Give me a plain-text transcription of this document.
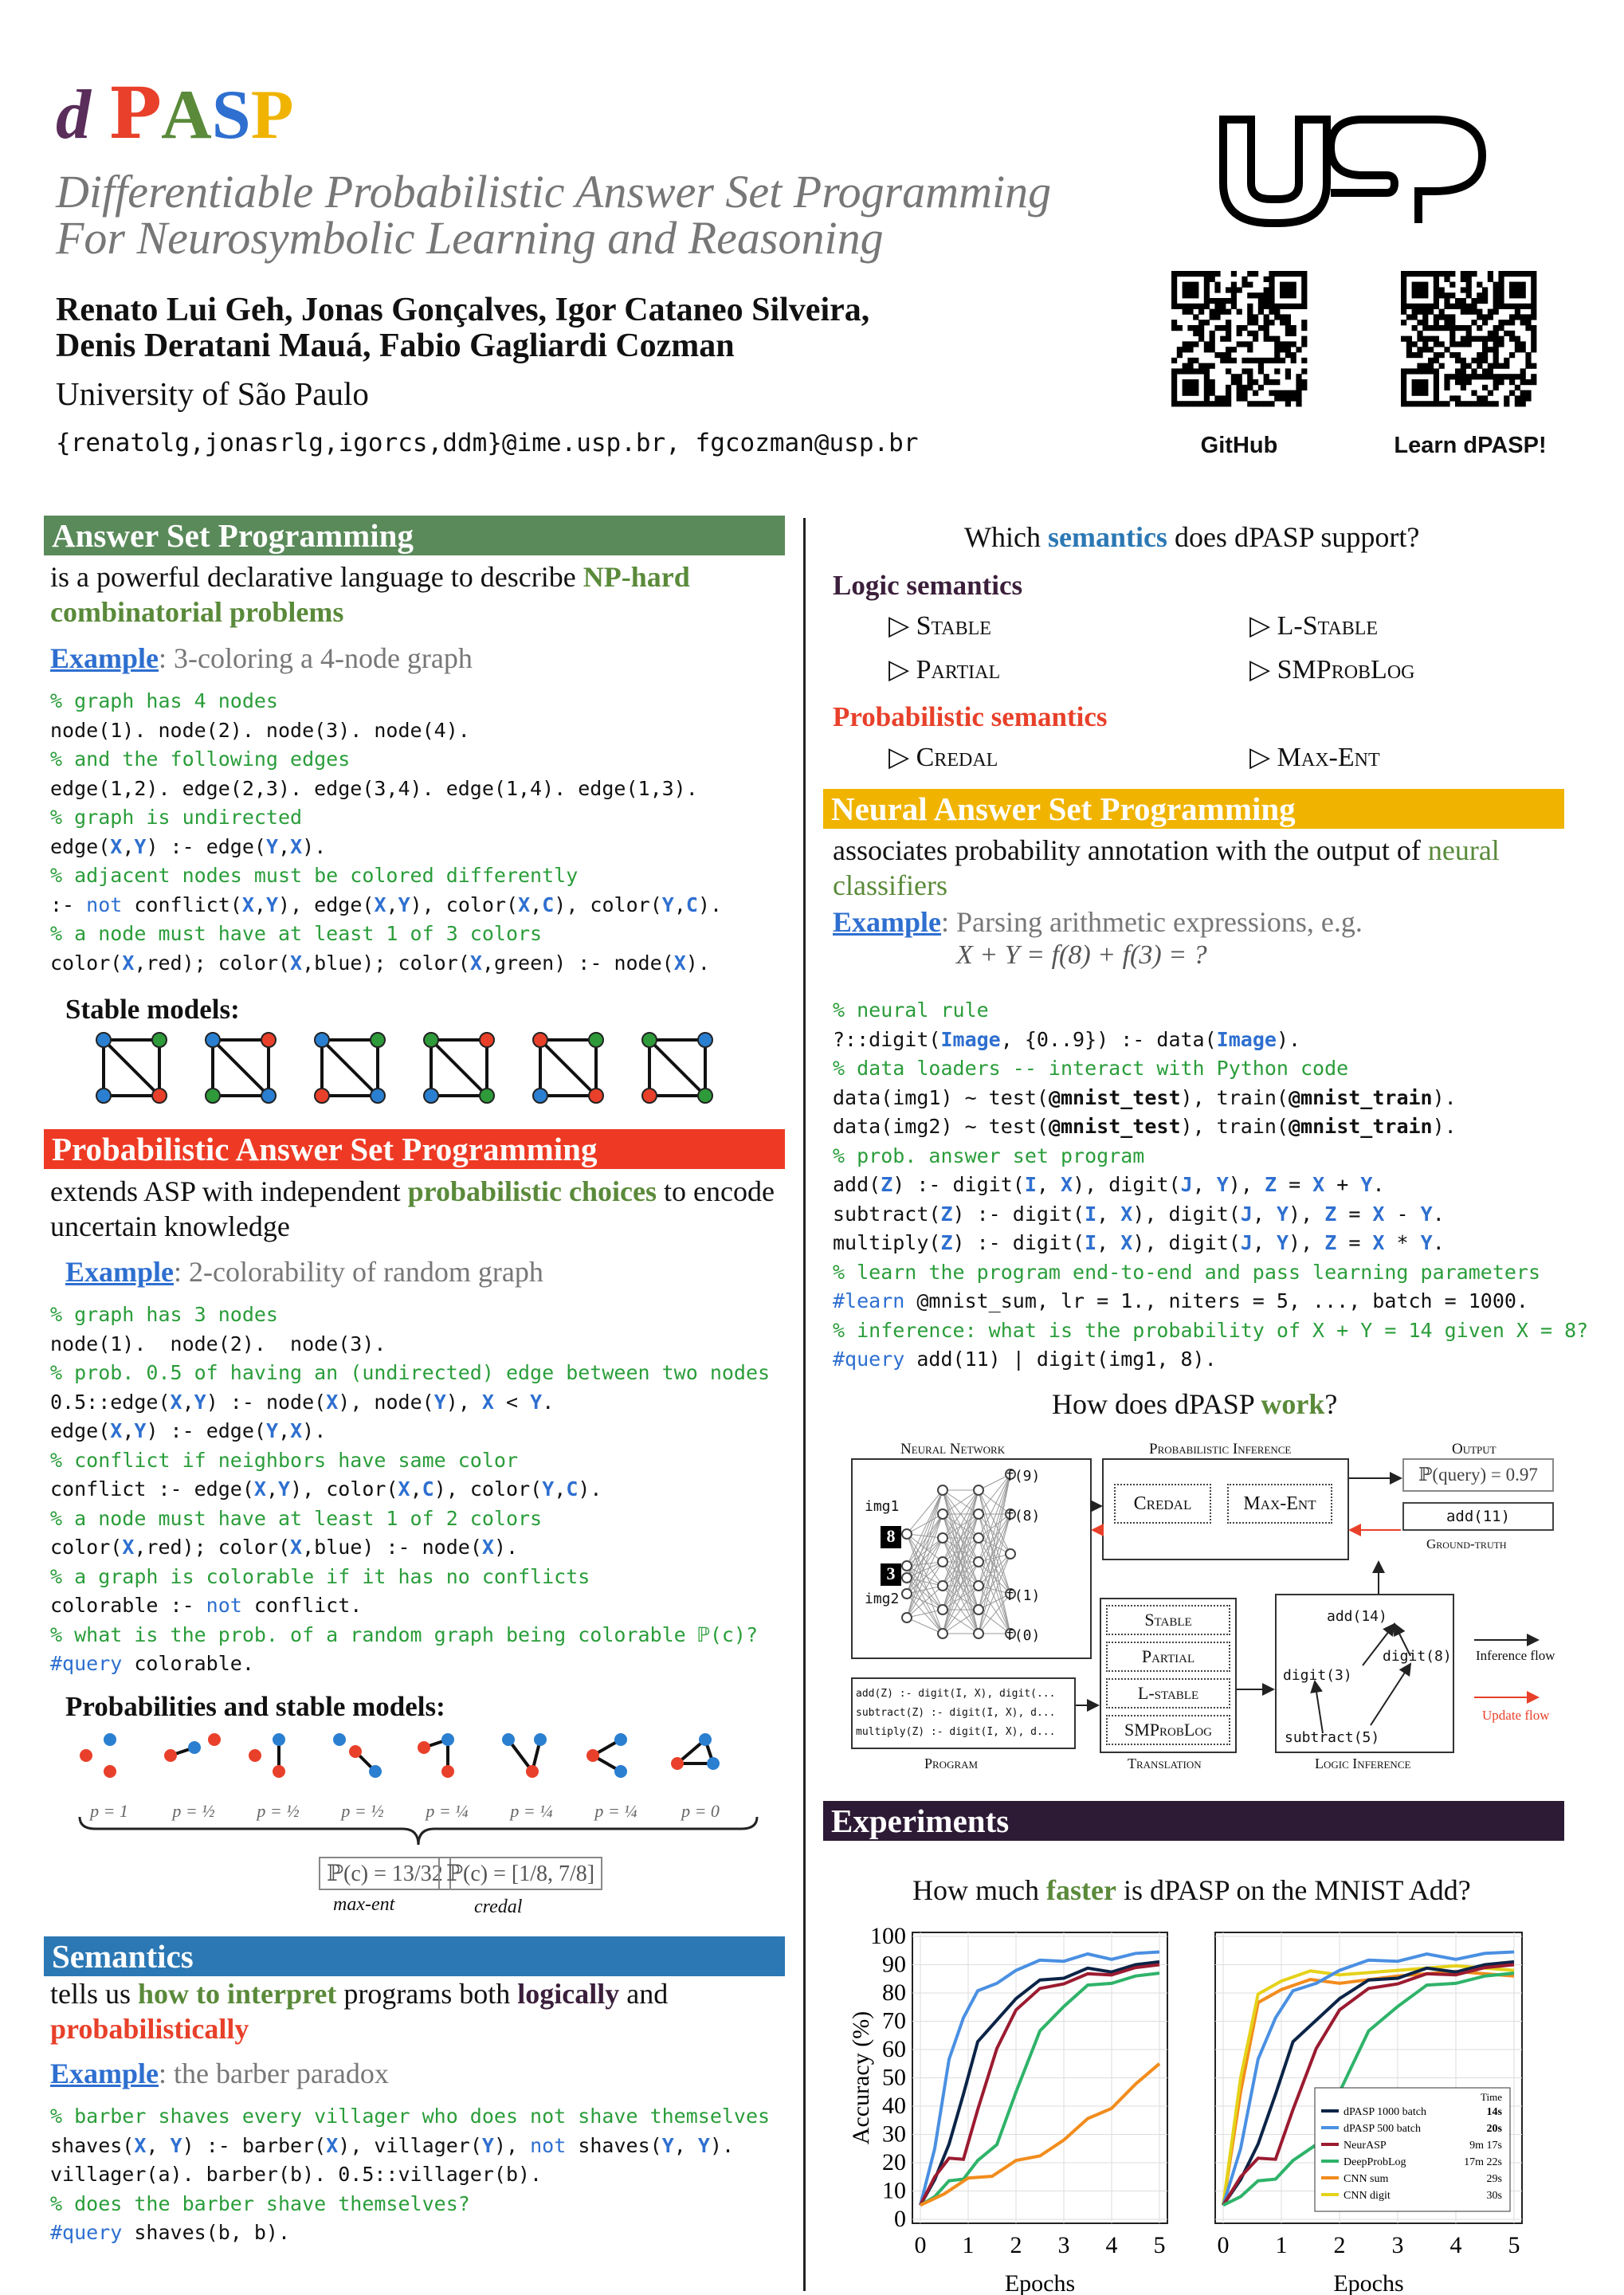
d PASP
Differentiable Probabilistic Answer Set Programming
For Neurosymbolic Learning and Reasoning
Renato Lui Geh, Jonas Gonçalves, Igor Cataneo Silveira,
Denis Deratani Mauá, Fabio Gagliardi Cozman
University of São Paulo
{renatolg,jonasrlg,igorcs,ddm}@ime.usp.br, fgcozman@usp.br
USP
GitHub	Learn dPASP!
Answer Set Programming
is a powerful declarative language to describe NP-hard combinatorial problems
Example: 3-coloring a 4-node graph
% graph has 4 nodes
node(1). node(2). node(3). node(4).
% and the following edges
edge(1,2). edge(2,3). edge(3,4). edge(1,4). edge(1,3).
% graph is undirected
edge(X,Y) :- edge(Y,X).
% adjacent nodes must be colored differently
:- not conflict(X,Y), edge(X,Y), color(X,C), color(Y,C).
% a node must have at least 1 of 3 colors
color(X,red); color(X,blue); color(X,green) :- node(X).
Stable models:
Probabilistic Answer Set Programming
extends ASP with independent probabilistic choices to encode uncertain knowledge
Example: 2-colorability of random graph
% graph has 3 nodes
node(1).  node(2).  node(3).
% prob. 0.5 of having an (undirected) edge between two nodes
0.5::edge(X,Y) :- node(X), node(Y), X < Y.
edge(X,Y) :- edge(Y,X).
% conflict if neighbors have same color
conflict :- edge(X,Y), color(X,C), color(Y,C).
% a node must have at least 1 of 2 colors
color(X,red); color(X,blue) :- node(X).
% a graph is colorable if it has no conflicts
colorable :- not conflict.
% what is the prob. of a random graph being colorable ℙ(c)?
#query colorable.
Probabilities and stable models:
p = 1	p = ½	p = ½	p = ½	p = ¼	p = ¼	p = ¼	p = 0
ℙ(c) = 13/32 ℙ(c) = [1/8, 7/8]
max-ent	credal
Semantics
tells us how to interpret programs both logically and probabilistically
Example: the barber paradox
% barber shaves every villager who does not shave themselves
shaves(X, Y) :- barber(X), villager(Y), not shaves(Y, Y).
villager(a). barber(b). 0.5::villager(b).
% does the barber shave themselves?
#query shaves(b, b).
Which semantics does dPASP support?
Logic semantics
▷ Stable	▷ L-Stable
▷ Partial	▷ SMProbLog
Probabilistic semantics
▷ Credal	▷ Max-Ent
Neural Answer Set Programming
associates probability annotation with the output of neural classifiers
Example: Parsing arithmetic expressions, e.g.
X + Y = f(8) + f(3) = ?
% neural rule
?::digit(Image, {0..9}) :- data(Image).
% data loaders -- interact with Python code
data(img1) ~ test(@mnist_test), train(@mnist_train).
data(img2) ~ test(@mnist_test), train(@mnist_train).
% prob. answer set program
add(Z) :- digit(I, X), digit(J, Y), Z = X + Y.
subtract(Z) :- digit(I, X), digit(J, Y), Z = X - Y.
multiply(Z) :- digit(I, X), digit(J, Y), Z = X * Y.
% learn the program end-to-end and pass learning parameters
#learn @mnist_sum, lr = 1., niters = 5, ..., batch = 1000.
% inference: what is the probability of X + Y = 14 given X = 8?
#query add(11) | digit(img1, 8).
How does dPASP work?
Neural Network	Probabilistic Inference	Output
img1
8
3
img2
f(9)
f(8)
f(1)
f(0)
Credal	Max-Ent
ℙ(query) = 0.97
add(11)
Ground-truth
add(Z) :- digit(I, X), digit(...
subtract(Z) :- digit(I, X), d...
multiply(Z) :- digit(I, X), d...
Program
Stable
Partial
L-stable
SMProbLog
Translation
add(14)
digit(3)
digit(8)
subtract(5)
Logic Inference
Inference flow
Update flow
Experiments
How much faster is dPASP on the MNIST Add?
Accuracy (%)
0 1 2 3 4 5
0
10
20
30
40
50
60
70
80
90
100
Epochs
0 1 2 3 4 5
Epochs
Time
dPASP 1000 batch	14s
dPASP 500 batch	20s
NeurASP	9m 17s
DeepProbLog	17m 22s
CNN sum	29s
CNN digit	30s
